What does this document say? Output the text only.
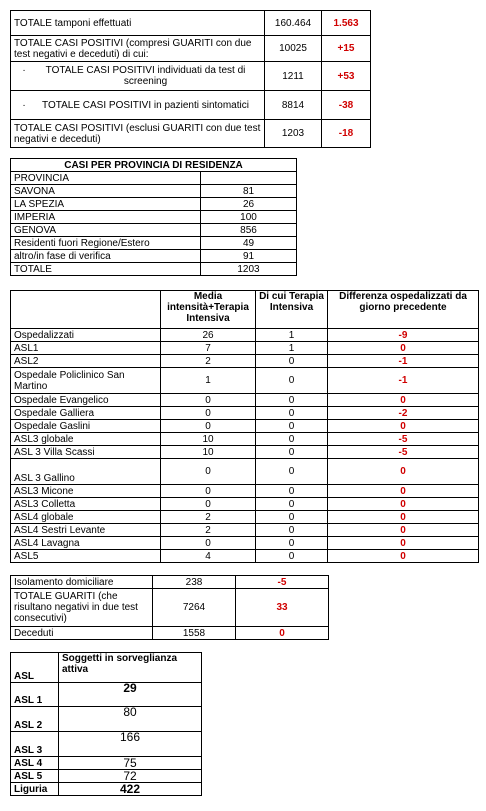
TOTALE tamponi effettuati	160.464	1.563
TOTALE CASI POSITIVI (compresi GUARITI con due test negativi e deceduti) di cui:	10025	+15
· TOTALE CASI POSITIVI individuati da test di screening	1211	+53
· TOTALE CASI POSITIVI in pazienti sintomatici	8814	-38
TOTALE CASI POSITIVI (esclusi GUARITI con due test negativi e deceduti)	1203	-18
CASI PER PROVINCIA DI RESIDENZA	
PROVINCIA	
SAVONA	81
LA SPEZIA	26
IMPERIA	100
GENOVA	856
Residenti fuori Regione/Estero	49
altro/in fase di verifica	91
TOTALE	1203
	Media intensità+Terapia Intensiva	Di cui Terapia Intensiva	Differenza ospedalizzati da giorno precedente
Ospedalizzati	26	1	-9
ASL1	7	1	0
ASL2	2	0	-1
Ospedale Policlinico San Martino	1	0	-1
Ospedale Evangelico	0	0	0
Ospedale Galliera	0	0	-2
Ospedale Gaslini	0	0	0
ASL3 globale	10	0	-5
ASL 3 Villa Scassi	10	0	-5
ASL 3 Gallino	0	0	0
ASL3 Micone	0	0	0
ASL3 Colletta	0	0	0
ASL4 globale	2	0	0
ASL4 Sestri Levante	2	0	0
ASL4 Lavagna	0	0	0
ASL5	4	0	0
Isolamento domiciliare	238	-5
TOTALE GUARITI (che risultano negativi in due test consecutivi)	7264	33
Deceduti	1558	0
ASL	Soggetti in sorveglianza attiva
ASL 1	29
ASL 2	80
ASL 3	166
ASL 4	75
ASL 5	72
Liguria	422
